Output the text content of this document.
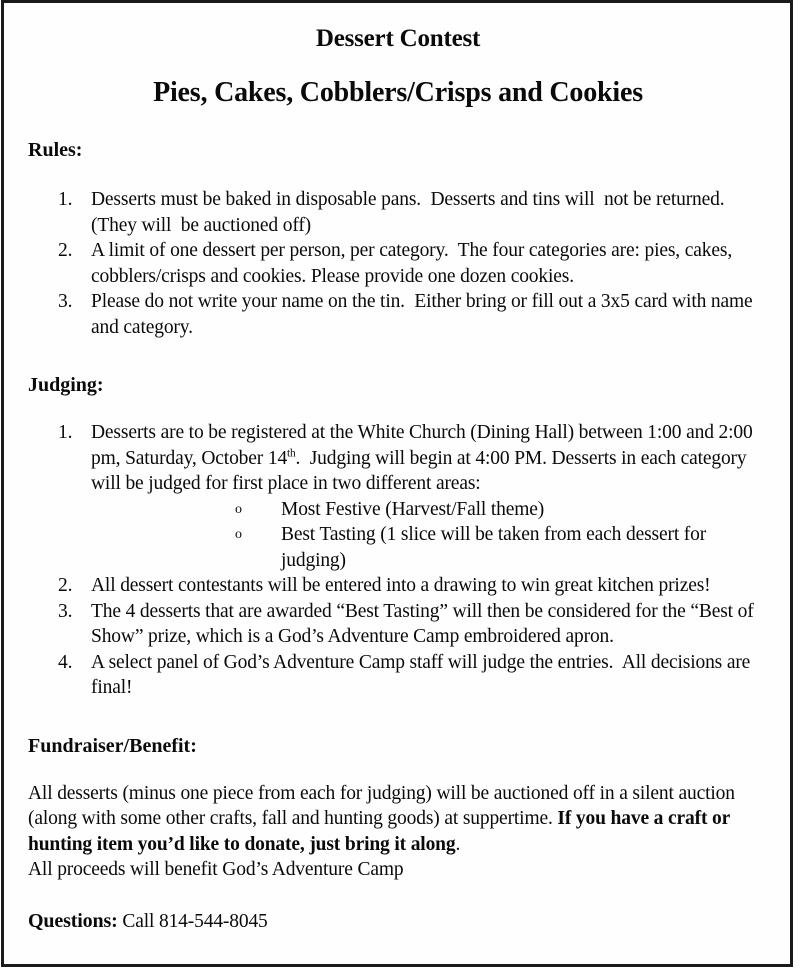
Dessert Contest
Pies, Cakes, Cobblers/Crisps and Cookies
Rules:
1. Desserts must be baked in disposable pans.  Desserts and tins will  not be returned. (They will  be auctioned off)
2. A limit of one dessert per person, per category.  The four categories are: pies, cakes, cobblers/crisps and cookies. Please provide one dozen cookies.
3. Please do not write your name on the tin.  Either bring or fill out a 3x5 card with name and category.
Judging:
1. Desserts are to be registered at the White Church (Dining Hall) between 1:00 and 2:00 pm, Saturday, October 14th.  Judging will begin at 4:00 PM. Desserts in each category will be judged for first place in two different areas:
o	Most Festive (Harvest/Fall theme)
o	Best Tasting (1 slice will be taken from each dessert for judging)
2. All dessert contestants will be entered into a drawing to win great kitchen prizes!
3. The 4 desserts that are awarded “Best Tasting” will then be considered for the “Best of Show” prize, which is a God’s Adventure Camp embroidered apron.
4. A select panel of God’s Adventure Camp staff will judge the entries.  All decisions are final!
Fundraiser/Benefit:
All desserts (minus one piece from each for judging) will be auctioned off in a silent auction (along with some other crafts, fall and hunting goods) at suppertime. If you have a craft or hunting item you’d like to donate, just bring it along.
All proceeds will benefit God’s Adventure Camp
Questions: Call 814-544-8045
